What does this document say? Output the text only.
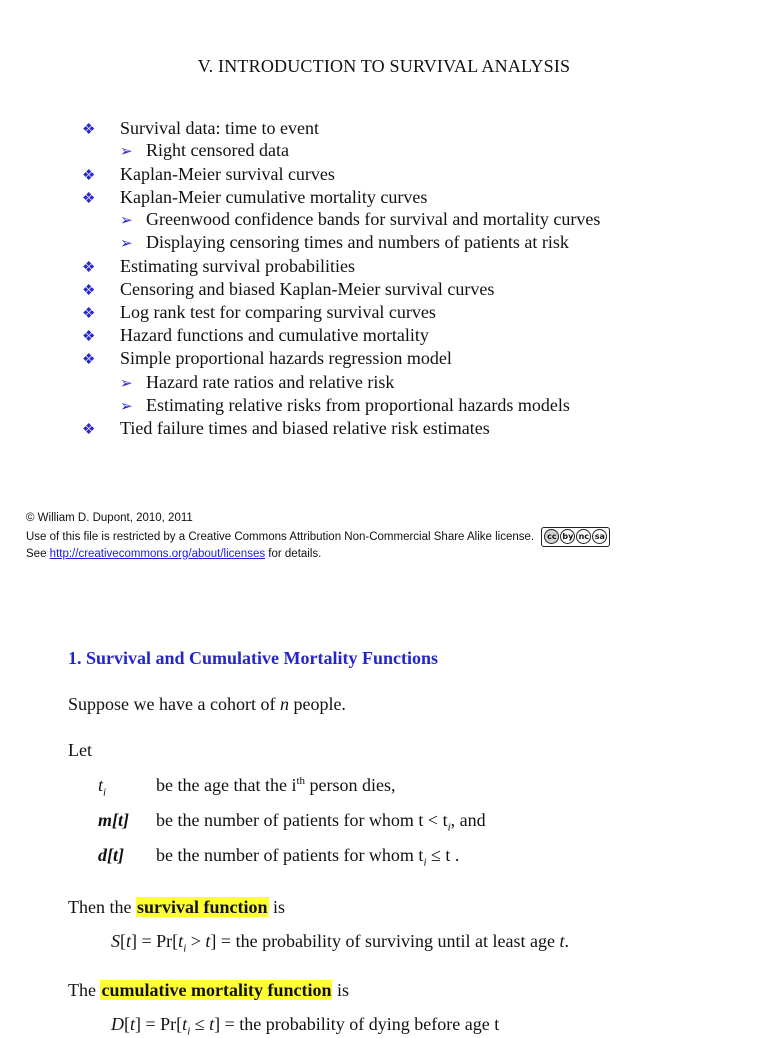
V. INTRODUCTION TO SURVIVAL ANALYSIS
❖ Survival data: time to event
➢ Right censored data
❖ Kaplan-Meier survival curves
❖ Kaplan-Meier cumulative mortality curves
➢ Greenwood confidence bands for survival and mortality curves
➢ Displaying censoring times and numbers of patients at risk
❖ Estimating survival probabilities
❖ Censoring and biased Kaplan-Meier survival curves
❖ Log rank test for comparing survival curves
❖ Hazard functions and cumulative mortality
❖ Simple proportional hazards regression model
➢ Hazard rate ratios and relative risk
➢ Estimating relative risks from proportional hazards models
❖ Tied failure times and biased relative risk estimates
© William D. Dupont, 2010, 2011
Use of this file is restricted by a Creative Commons Attribution Non-Commercial Share Alike license.	cc by nc sa
See http://creativecommons.org/about/licenses for details.
1. Survival and Cumulative Mortality Functions
Suppose we have a cohort of n people.
Let
$t_i$	be the age that the $i^{th}$ person dies,
m[t] be the number of patients for whom $t < t_i$, and
d[t] be the number of patients for whom $t_i \le t$ .
Then the survival function is
$S[t] = Pr[t_i > t]$ = the probability of surviving until at least age t.
The cumulative mortality function is
$D[t] = Pr[t_i \le t]$ = the probability of dying before age t
